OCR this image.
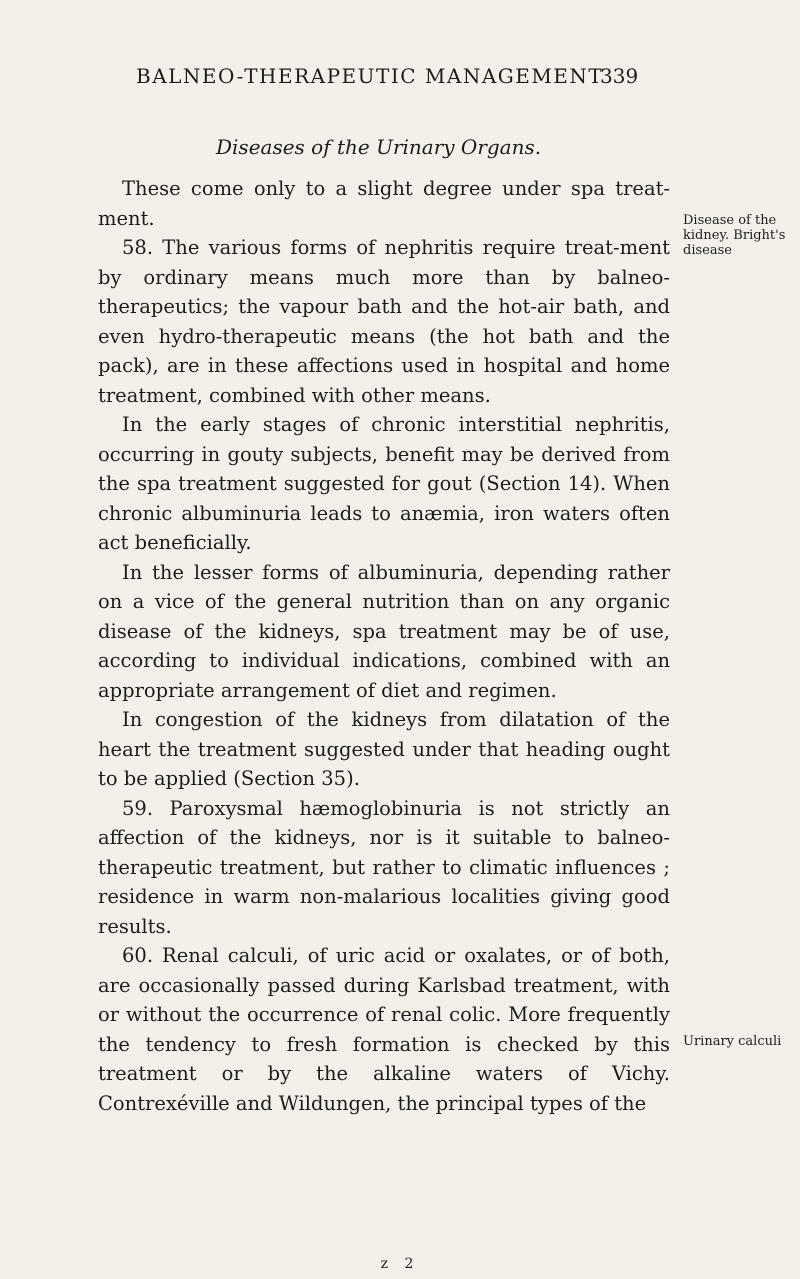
BALNEO-THERAPEUTIC MANAGEMENT
339
Diseases of the Urinary Organs.

These come only to a slight degree under spa treat-

ment.

58. The various forms of nephritis require treat-ment by ordinary means much more than by balneo-therapeutics; the vapour bath and the hot-air bath, and even hydro-therapeutic means (the hot bath and the pack), are in these affections used in hospital and home treatment, combined with other means.

In the early stages of chronic interstitial nephritis, occurring in gouty subjects, benefit may be derived from the spa treatment suggested for gout (Section 14). When chronic albuminuria leads to anæmia, iron waters often act beneficially.

In the lesser forms of albuminuria, depending rather on a vice of the general nutrition than on any organic disease of the kidneys, spa treatment may be of use, according to individual indications, combined with an appropriate arrangement of diet and regimen.

In congestion of the kidneys from dilatation of the heart the treatment suggested under that heading ought to be applied (Section 35).

59. Paroxysmal hæmoglobinuria is not strictly an affection of the kidneys, nor is it suitable to balneo-therapeutic treatment, but rather to climatic influences ; residence in warm non-malarious localities giving good results.

60. Renal calculi, of uric acid or oxalates, or of both, are occasionally passed during Karlsbad treatment, with or without the occurrence of renal colic. More frequently the tendency to fresh formation is checked by this treatment or by the alkaline waters of Vichy. Contrexéville and Wildungen, the principal types of the

Disease of the kidney. Bright's disease
Urinary calculi
z 2
